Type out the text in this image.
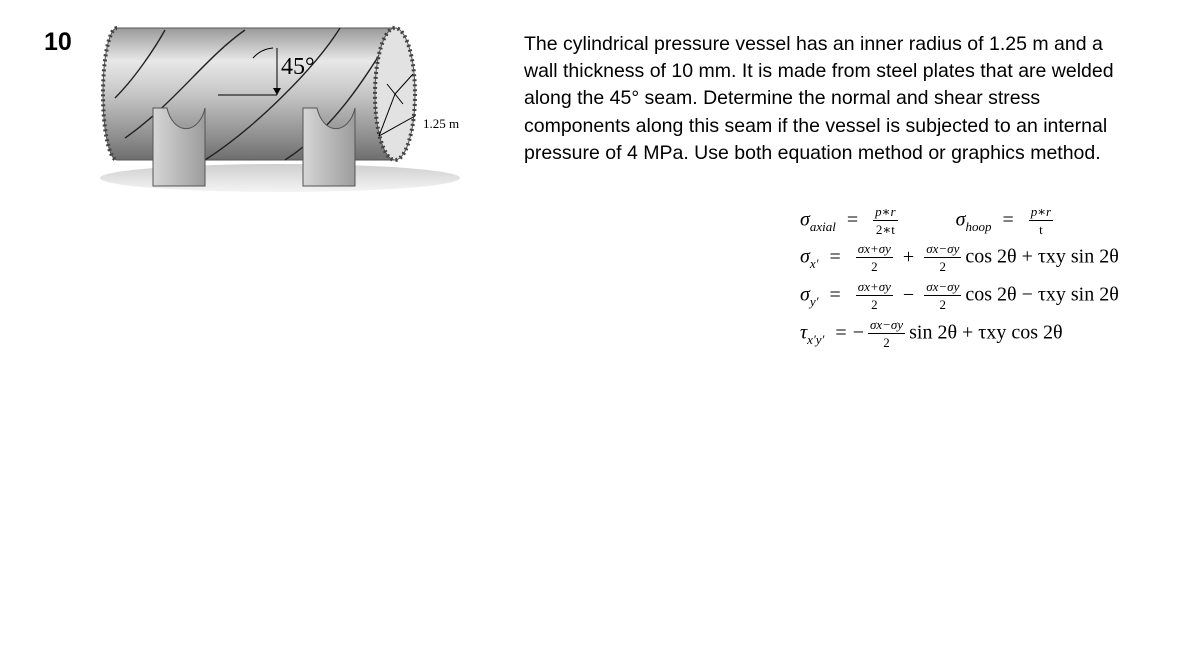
10
45°
1.25 m

The cylindrical pressure vessel has an inner radius of 1.25 m and a wall thickness of 10 mm. It is made from steel plates that are welded along the 45° seam. Determine the normal and shear stress components along this seam if the vessel is subjected to an internal pressure of 4 MPa. Use both equation method or graphics method.

$\sigma_{axial} = \frac{p∗r}{2∗t}$	$\sigma_{hoop} = \frac{p∗r}{t}$
$\sigma_{x'} = \frac{\sigma x+\sigma y}{2} + \frac{\sigma x-\sigma y}{2}$ cos 2θ + τxy sin 2θ
$\sigma_{y'} = \frac{\sigma x+\sigma y}{2} - \frac{\sigma x-\sigma y}{2}$ cos 2θ − τxy sin 2θ
$\tau_{x'y'}$ = − $\frac{\sigma x-\sigma y}{2}$ sin 2θ + τxy cos 2θ
